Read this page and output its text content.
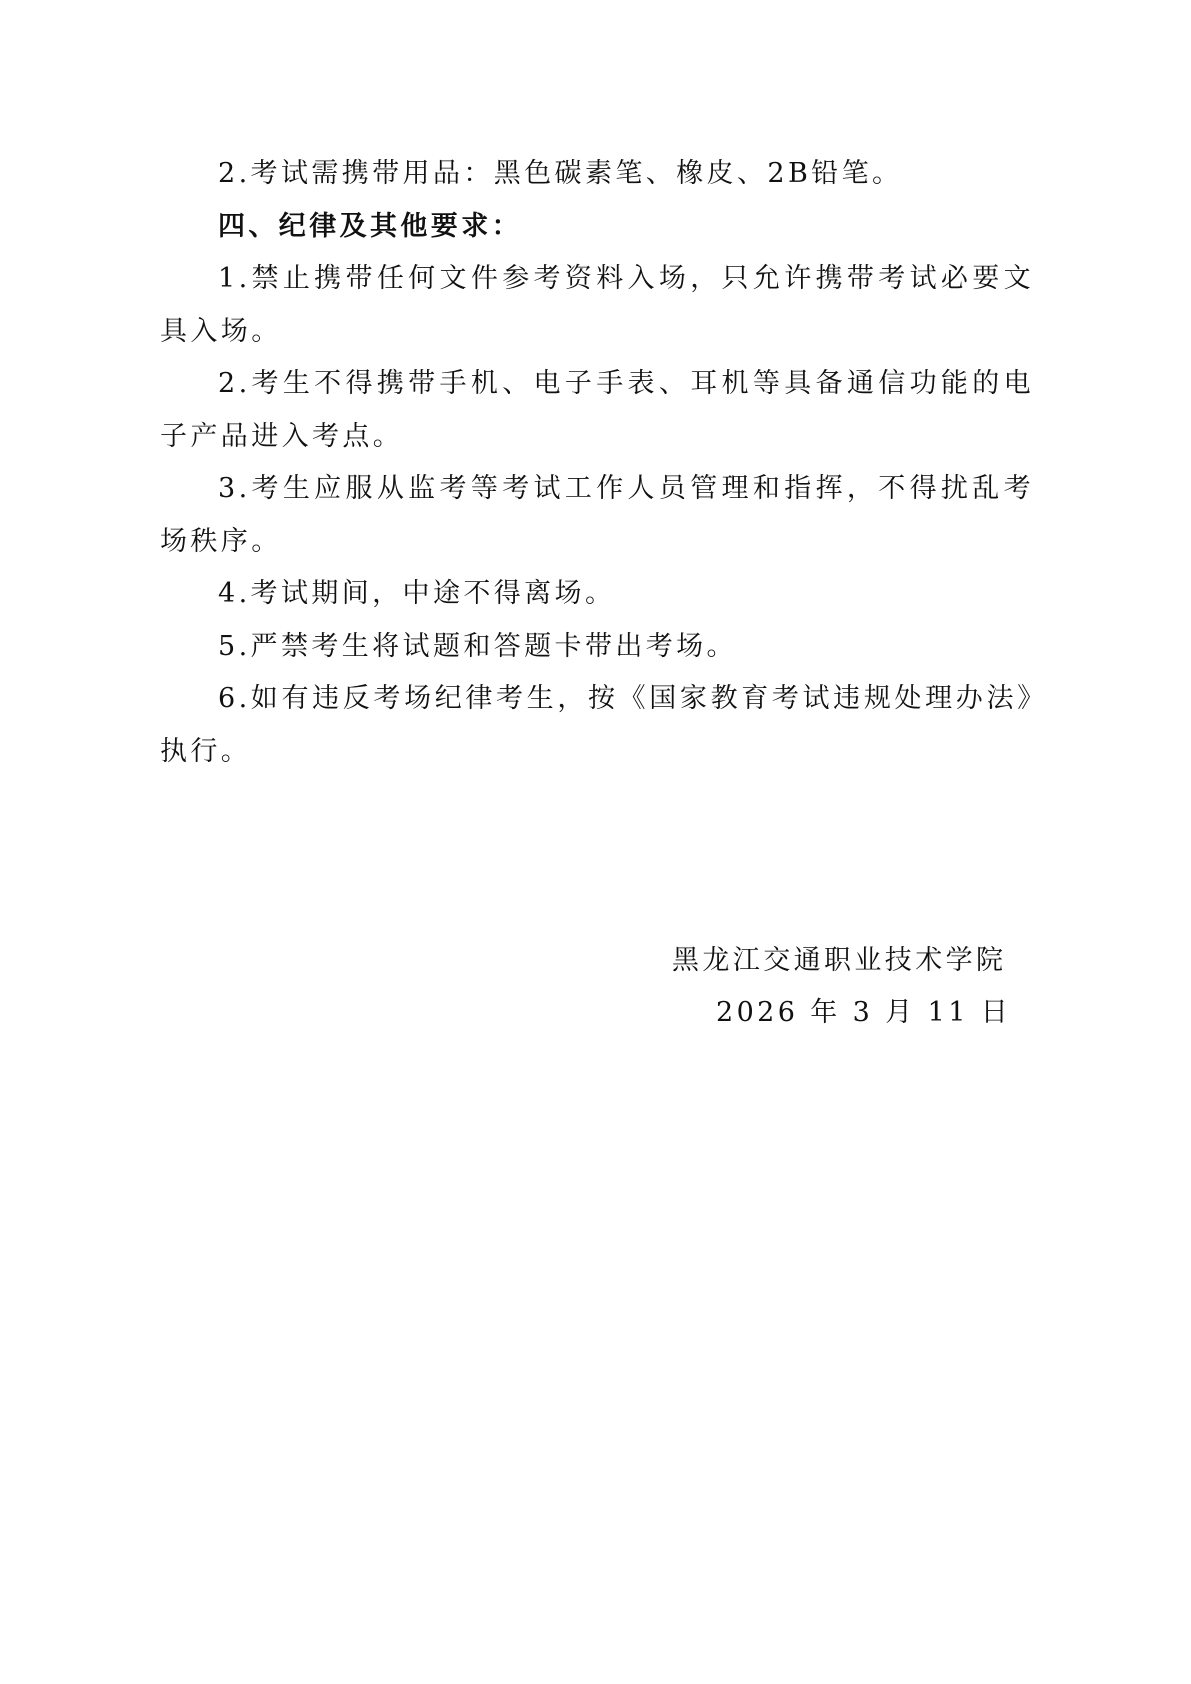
2.考试需携带用品：黑色碳素笔、橡皮、2B铅笔。

四、纪律及其他要求：

1.禁止携带任何文件参考资料入场，只允许携带考试必要文具入场。

2.考生不得携带手机、电子手表、耳机等具备通信功能的电子产品进入考点。

3.考生应服从监考等考试工作人员管理和指挥，不得扰乱考场秩序。

4.考试期间，中途不得离场。

5.严禁考生将试题和答题卡带出考场。

6.如有违反考场纪律考生，按《国家教育考试违规处理办法》执行。

黑龙江交通职业技术学院
2026 年 3 月 11 日
